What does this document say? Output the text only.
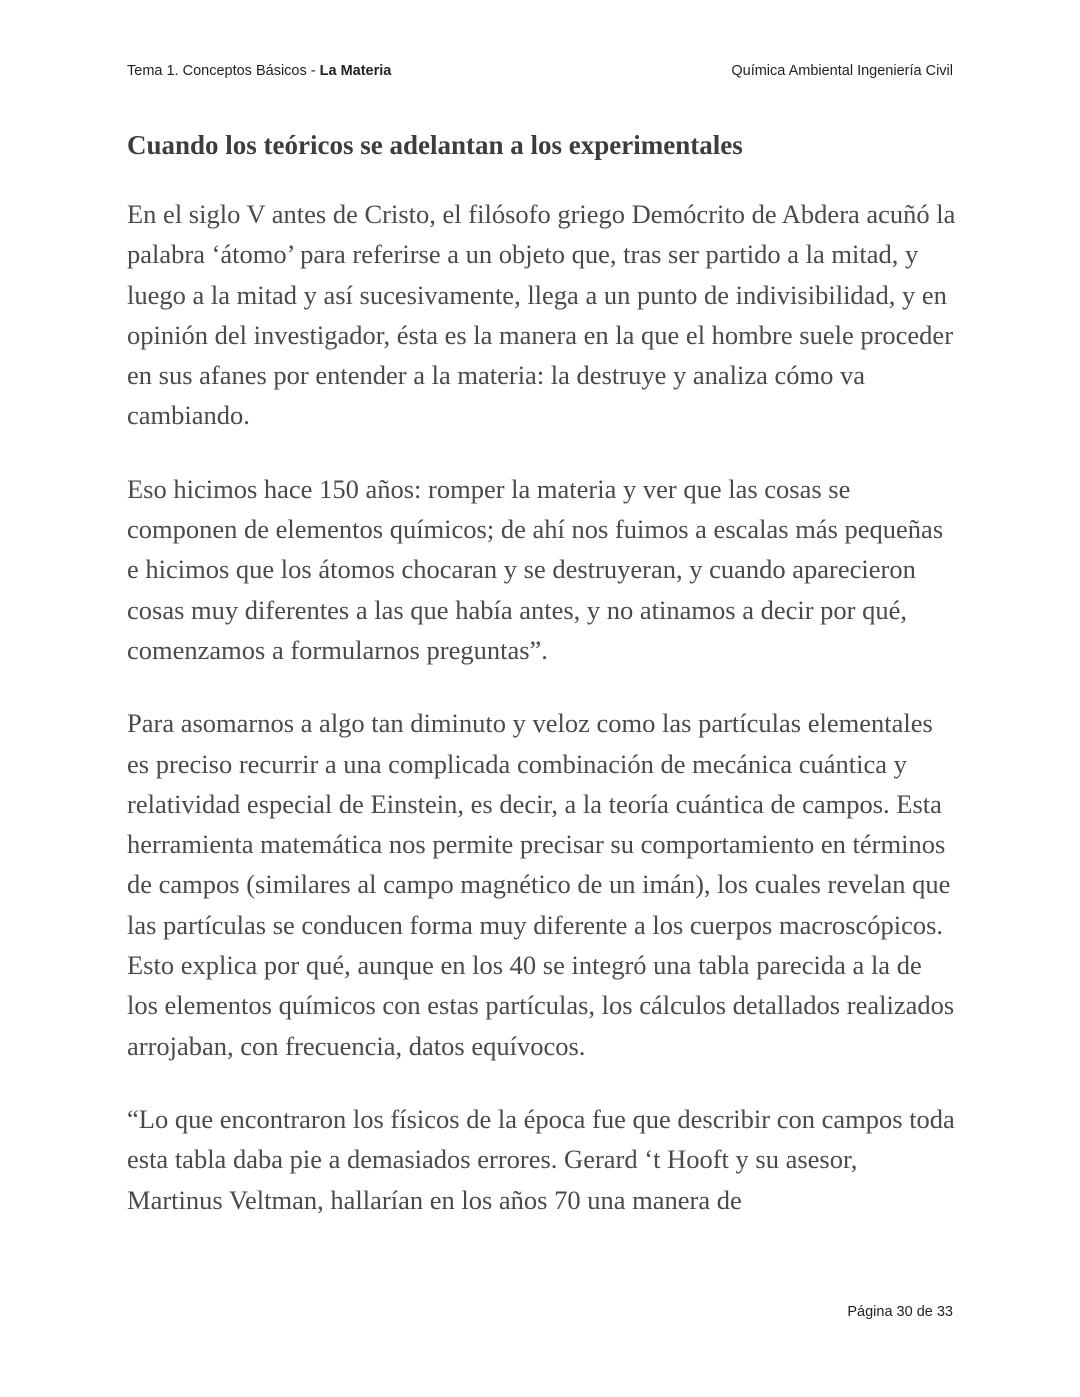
Tema 1. Conceptos Básicos - La Materia	Química Ambiental Ingeniería Civil
Cuando los teóricos se adelantan a los experimentales

En el siglo V antes de Cristo, el filósofo griego Demócrito de Abdera acuñó la palabra ‘átomo’ para referirse a un objeto que, tras ser partido a la mitad, y luego a la mitad y así sucesivamente, llega a un punto de indivisibilidad, y en opinión del investigador, ésta es la manera en la que el hombre suele proceder en sus afanes por entender a la materia: la destruye y analiza cómo va cambiando.

Eso hicimos hace 150 años: romper la materia y ver que las cosas se componen de elementos químicos; de ahí nos fuimos a escalas más pequeñas e hicimos que los átomos chocaran y se destruyeran, y cuando aparecieron cosas muy diferentes a las que había antes, y no atinamos a decir por qué, comenzamos a formularnos preguntas”.

Para asomarnos a algo tan diminuto y veloz como las partículas elementales es preciso recurrir a una complicada combinación de mecánica cuántica y relatividad especial de Einstein, es decir, a la teoría cuántica de campos. Esta herramienta matemática nos permite precisar su comportamiento en términos de campos (similares al campo magnético de un imán), los cuales revelan que las partículas se conducen forma muy diferente a los cuerpos macroscópicos. Esto explica por qué, aunque en los 40 se integró una tabla parecida a la de los elementos químicos con estas partículas, los cálculos detallados realizados arrojaban, con frecuencia, datos equívocos.

“Lo que encontraron los físicos de la época fue que describir con campos toda esta tabla daba pie a demasiados errores. Gerard ‘t Hooft y su asesor, Martinus Veltman, hallarían en los años 70 una manera de

Página 30 de 33
